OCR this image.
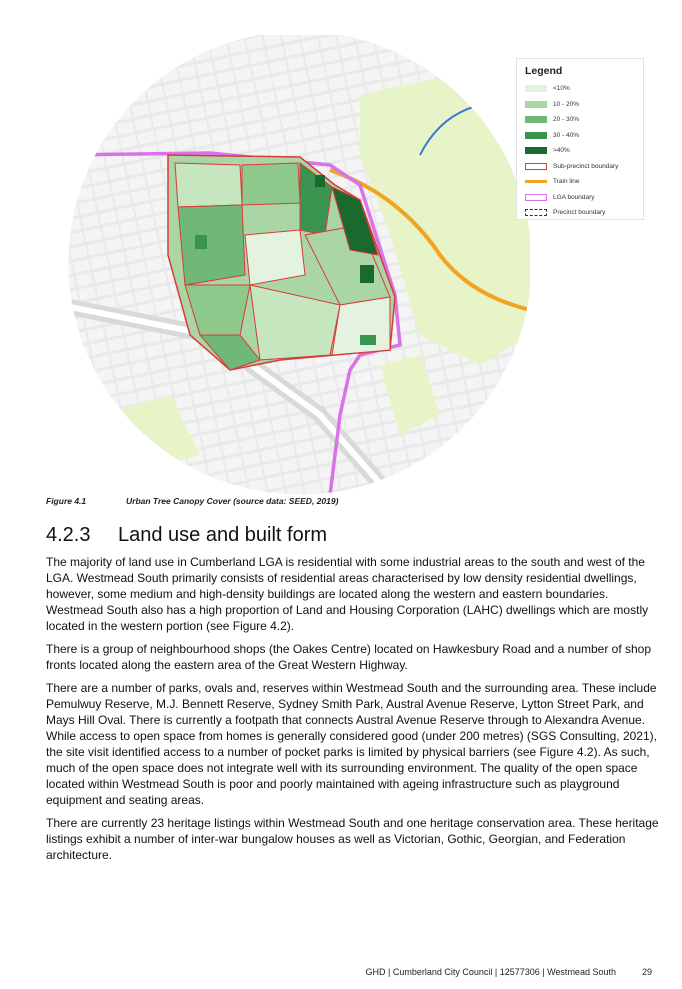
Legend
<10%
10 - 20%
20 - 30%
30 - 40%
>40%
Sub-precinct boundary
Train line
LGA boundary
Precinct boundary
Figure 4.1	Urban Tree Canopy Cover (source data: SEED, 2019)
4.2.3	Land use and built form

The majority of land use in Cumberland LGA is residential with some industrial areas to the south and west of the LGA. Westmead South primarily consists of residential areas characterised by low density residential dwellings, however, some medium and high-density buildings are located along the western and eastern boundaries. Westmead South also has a high proportion of Land and Housing Corporation (LAHC) dwellings which are mostly located in the western portion (see Figure 4.2).

There is a group of neighbourhood shops (the Oakes Centre) located on Hawkesbury Road and a number of shop fronts located along the eastern area of the Great Western Highway.

There are a number of parks, ovals and, reserves within Westmead South and the surrounding area. These include Pemulwuy Reserve, M.J. Bennett Reserve, Sydney Smith Park, Austral Avenue Reserve, Lytton Street Park, and Mays Hill Oval. There is currently a footpath that connects Austral Avenue Reserve through to Alexandra Avenue. While access to open space from homes is generally considered good (under 200 metres) (SGS Consulting, 2021), the site visit identified access to a number of pocket parks is limited by physical barriers (see Figure 4.2). As such, much of the open space does not integrate well with its surrounding environment. The quality of the open space located within Westmead South is poor and poorly maintained with ageing infrastructure such as playground equipment and seating areas.

There are currently 23 heritage listings within Westmead South and one heritage conservation area. These heritage listings exhibit a number of inter-war bungalow houses as well as Victorian, Gothic, Georgian, and Federation architecture.

GHD | Cumberland City Council | 12577306 | Westmead South	29
